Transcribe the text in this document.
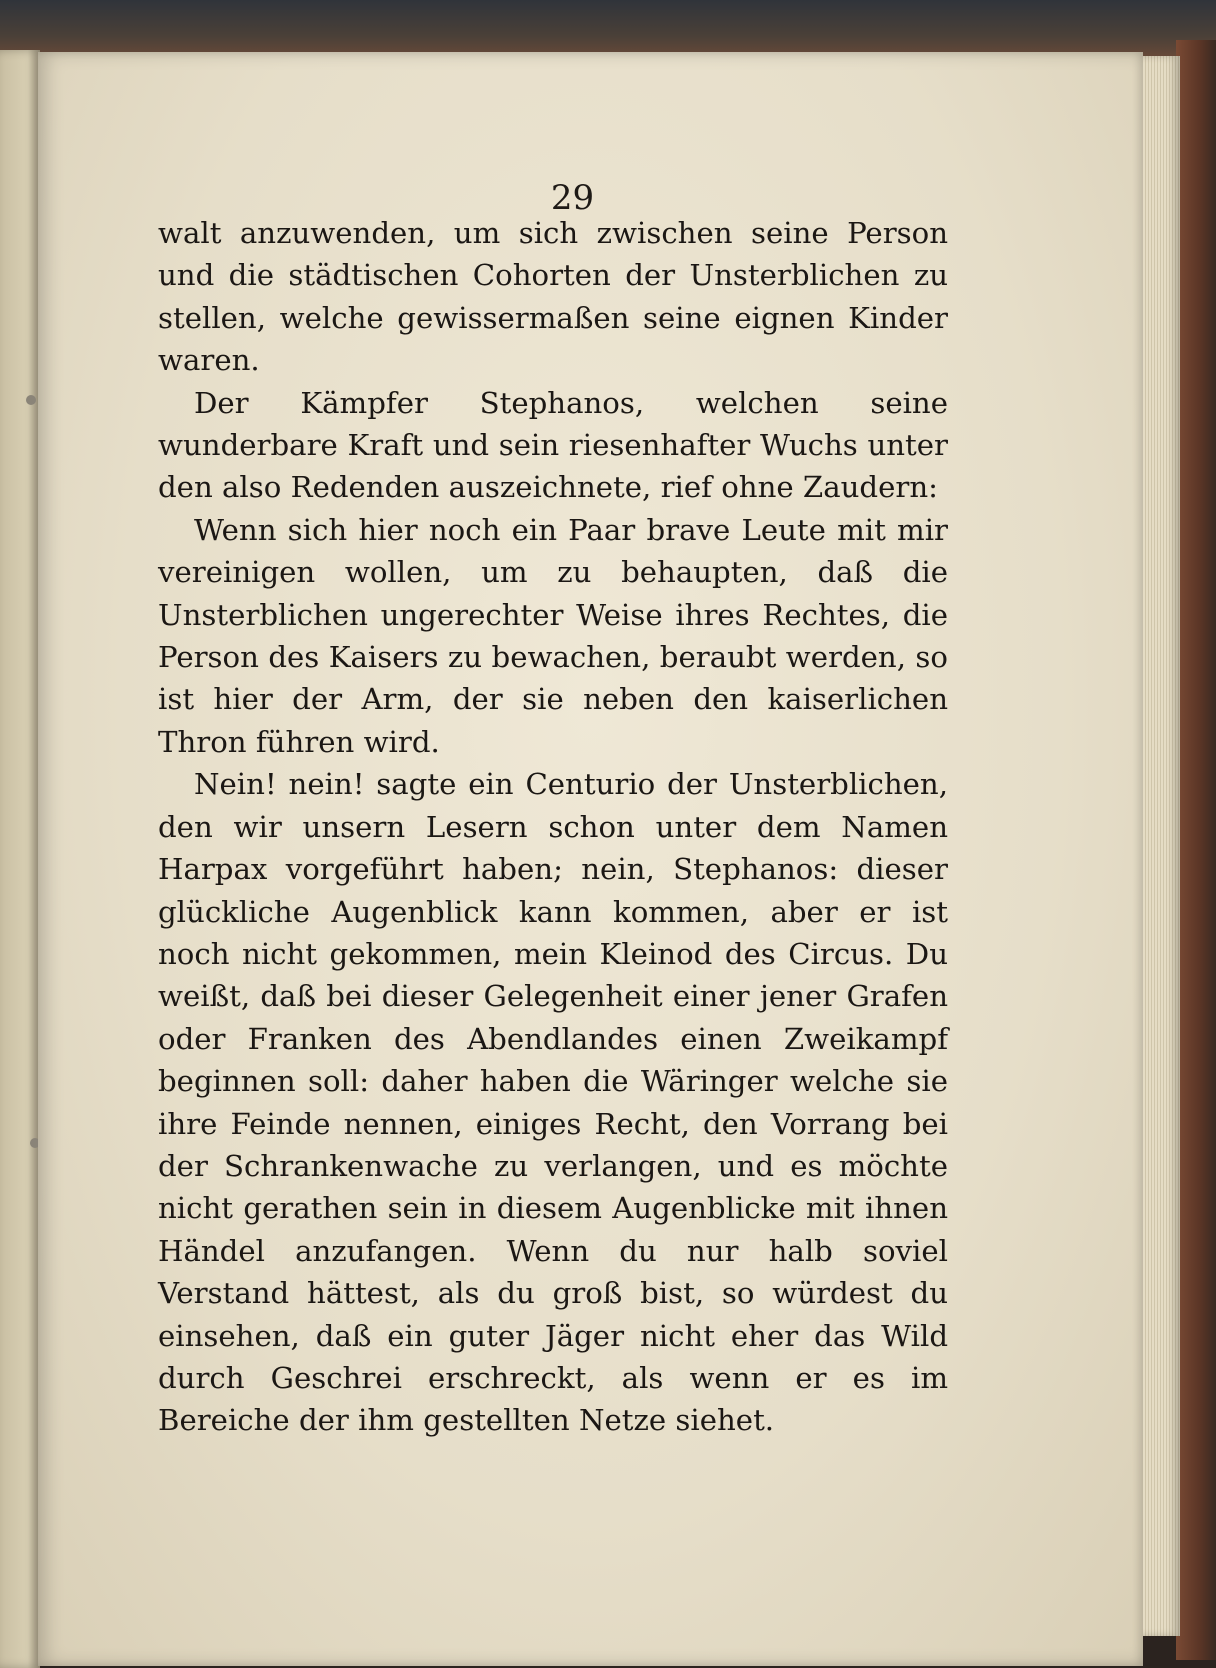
29

walt anzuwenden, um sich zwischen seine Person und die städtischen Cohorten der Unsterblichen zu stellen, welche gewissermaßen seine eignen Kinder waren.

Der Kämpfer Stephanos, welchen seine wunderbare Kraft und sein riesenhafter Wuchs unter den also Redenden auszeichnete, rief ohne Zaudern:

Wenn sich hier noch ein Paar brave Leute mit mir vereinigen wollen, um zu behaupten, daß die Unsterblichen ungerechter Weise ihres Rechtes, die Person des Kaisers zu bewachen, beraubt werden, so ist hier der Arm, der sie neben den kaiserlichen Thron führen wird.

Nein! nein! sagte ein Centurio der Unsterblichen, den wir unsern Lesern schon unter dem Namen Harpax vorgeführt haben; nein, Stephanos: dieser glückliche Augenblick kann kommen, aber er ist noch nicht gekommen, mein Kleinod des Circus. Du weißt, daß bei dieser Gelegenheit einer jener Grafen oder Franken des Abendlandes einen Zweikampf beginnen soll: daher haben die Wäringer welche sie ihre Feinde nennen, einiges Recht, den Vorrang bei der Schrankenwache zu verlangen, und es möchte nicht gerathen sein in diesem Augenblicke mit ihnen Händel anzufangen. Wenn du nur halb soviel Verstand hättest, als du groß bist, so würdest du einsehen, daß ein guter Jäger nicht eher das Wild durch Geschrei erschreckt, als wenn er es im Bereiche der ihm gestellten Netze siehet.
